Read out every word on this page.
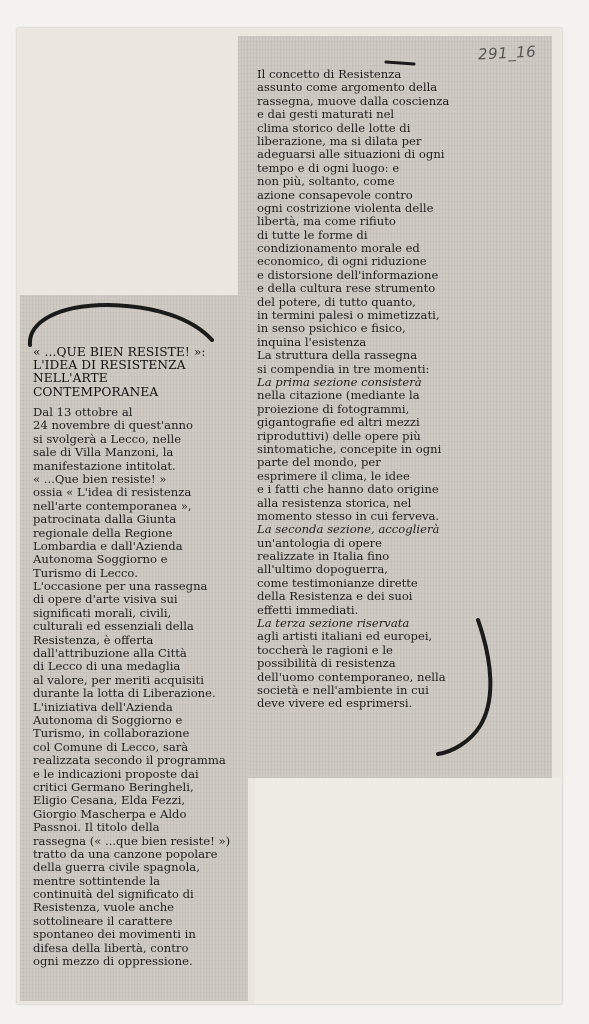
291_16
Il concetto di Resistenza
assunto come argomento della
rassegna, muove dalla coscienza
e dai gesti maturati nel
clima storico delle lotte di
liberazione, ma si dilata per
adeguarsi alle situazioni di ogni
tempo e di ogni luogo: e
non più, soltanto, come
azione consapevole contro
ogni costrizione violenta delle
libertà, ma come rifiuto
di tutte le forme di
condizionamento morale ed
economico, di ogni riduzione
e distorsione dell'informazione
e della cultura rese strumento
del potere, di tutto quanto,
in termini palesi o mimetizzati,
in senso psichico e fisico,
inquina l'esistenza
La struttura della rassegna
si compendia in tre momenti:
La prima sezione consisterà
nella citazione (mediante la
proiezione di fotogrammi,
gigantografie ed altri mezzi
riproduttivi) delle opere più
sintomatiche, concepite in ogni
parte del mondo, per
esprimere il clima, le idee
e i fatti che hanno dato origine
alla resistenza storica, nel
momento stesso in cui ferveva.
La seconda sezione, accoglierà
un'antologia di opere
realizzate in Italia fino
all'ultimo dopoguerra,
come testimonianze dirette
della Resistenza e dei suoi
effetti immediati.
La terza sezione riservata
agli artisti italiani ed europei,
toccherà le ragioni e le
possibilità di resistenza
dell'uomo contemporaneo, nella
società e nell'ambiente in cui
deve vivere ed esprimersi.
« ...QUE BIEN RESISTE! »:
L'IDEA DI RESISTENZA
NELL'ARTE
CONTEMPORANEA
Dal 13 ottobre al
24 novembre di quest'anno
si svolgerà a Lecco, nelle
sale di Villa Manzoni, la
manifestazione intitolat.
« ...Que bien resiste! »
ossia « L'idea di resistenza
nell'arte contemporanea »,
patrocinata dalla Giunta
regionale della Regione
Lombardia e dall'Azienda
Autonoma Soggiorno e
Turismo di Lecco.
L'occasione per una rassegna
di opere d'arte visiva sui
significati morali, civili,
culturali ed essenziali della
Resistenza, è offerta
dall'attribuzione alla Città
di Lecco di una medaglia
al valore, per meriti acquisiti
durante la lotta di Liberazione.
L'iniziativa dell'Azienda
Autonoma di Soggiorno e
Turismo, in collaborazione
col Comune di Lecco, sarà
realizzata secondo il programma
e le indicazioni proposte dai
critici Germano Beringheli,
Eligio Cesana, Elda Fezzi,
Giorgio Mascherpa e Aldo
Passnoi. Il titolo della
rassegna (« ...que bien resiste! »)
tratto da una canzone popolare
della guerra civile spagnola,
mentre sottintende la
continuità del significato di
Resistenza, vuole anche
sottolineare il carattere
spontaneo dei movimenti in
difesa della libertà, contro
ogni mezzo di oppressione.
